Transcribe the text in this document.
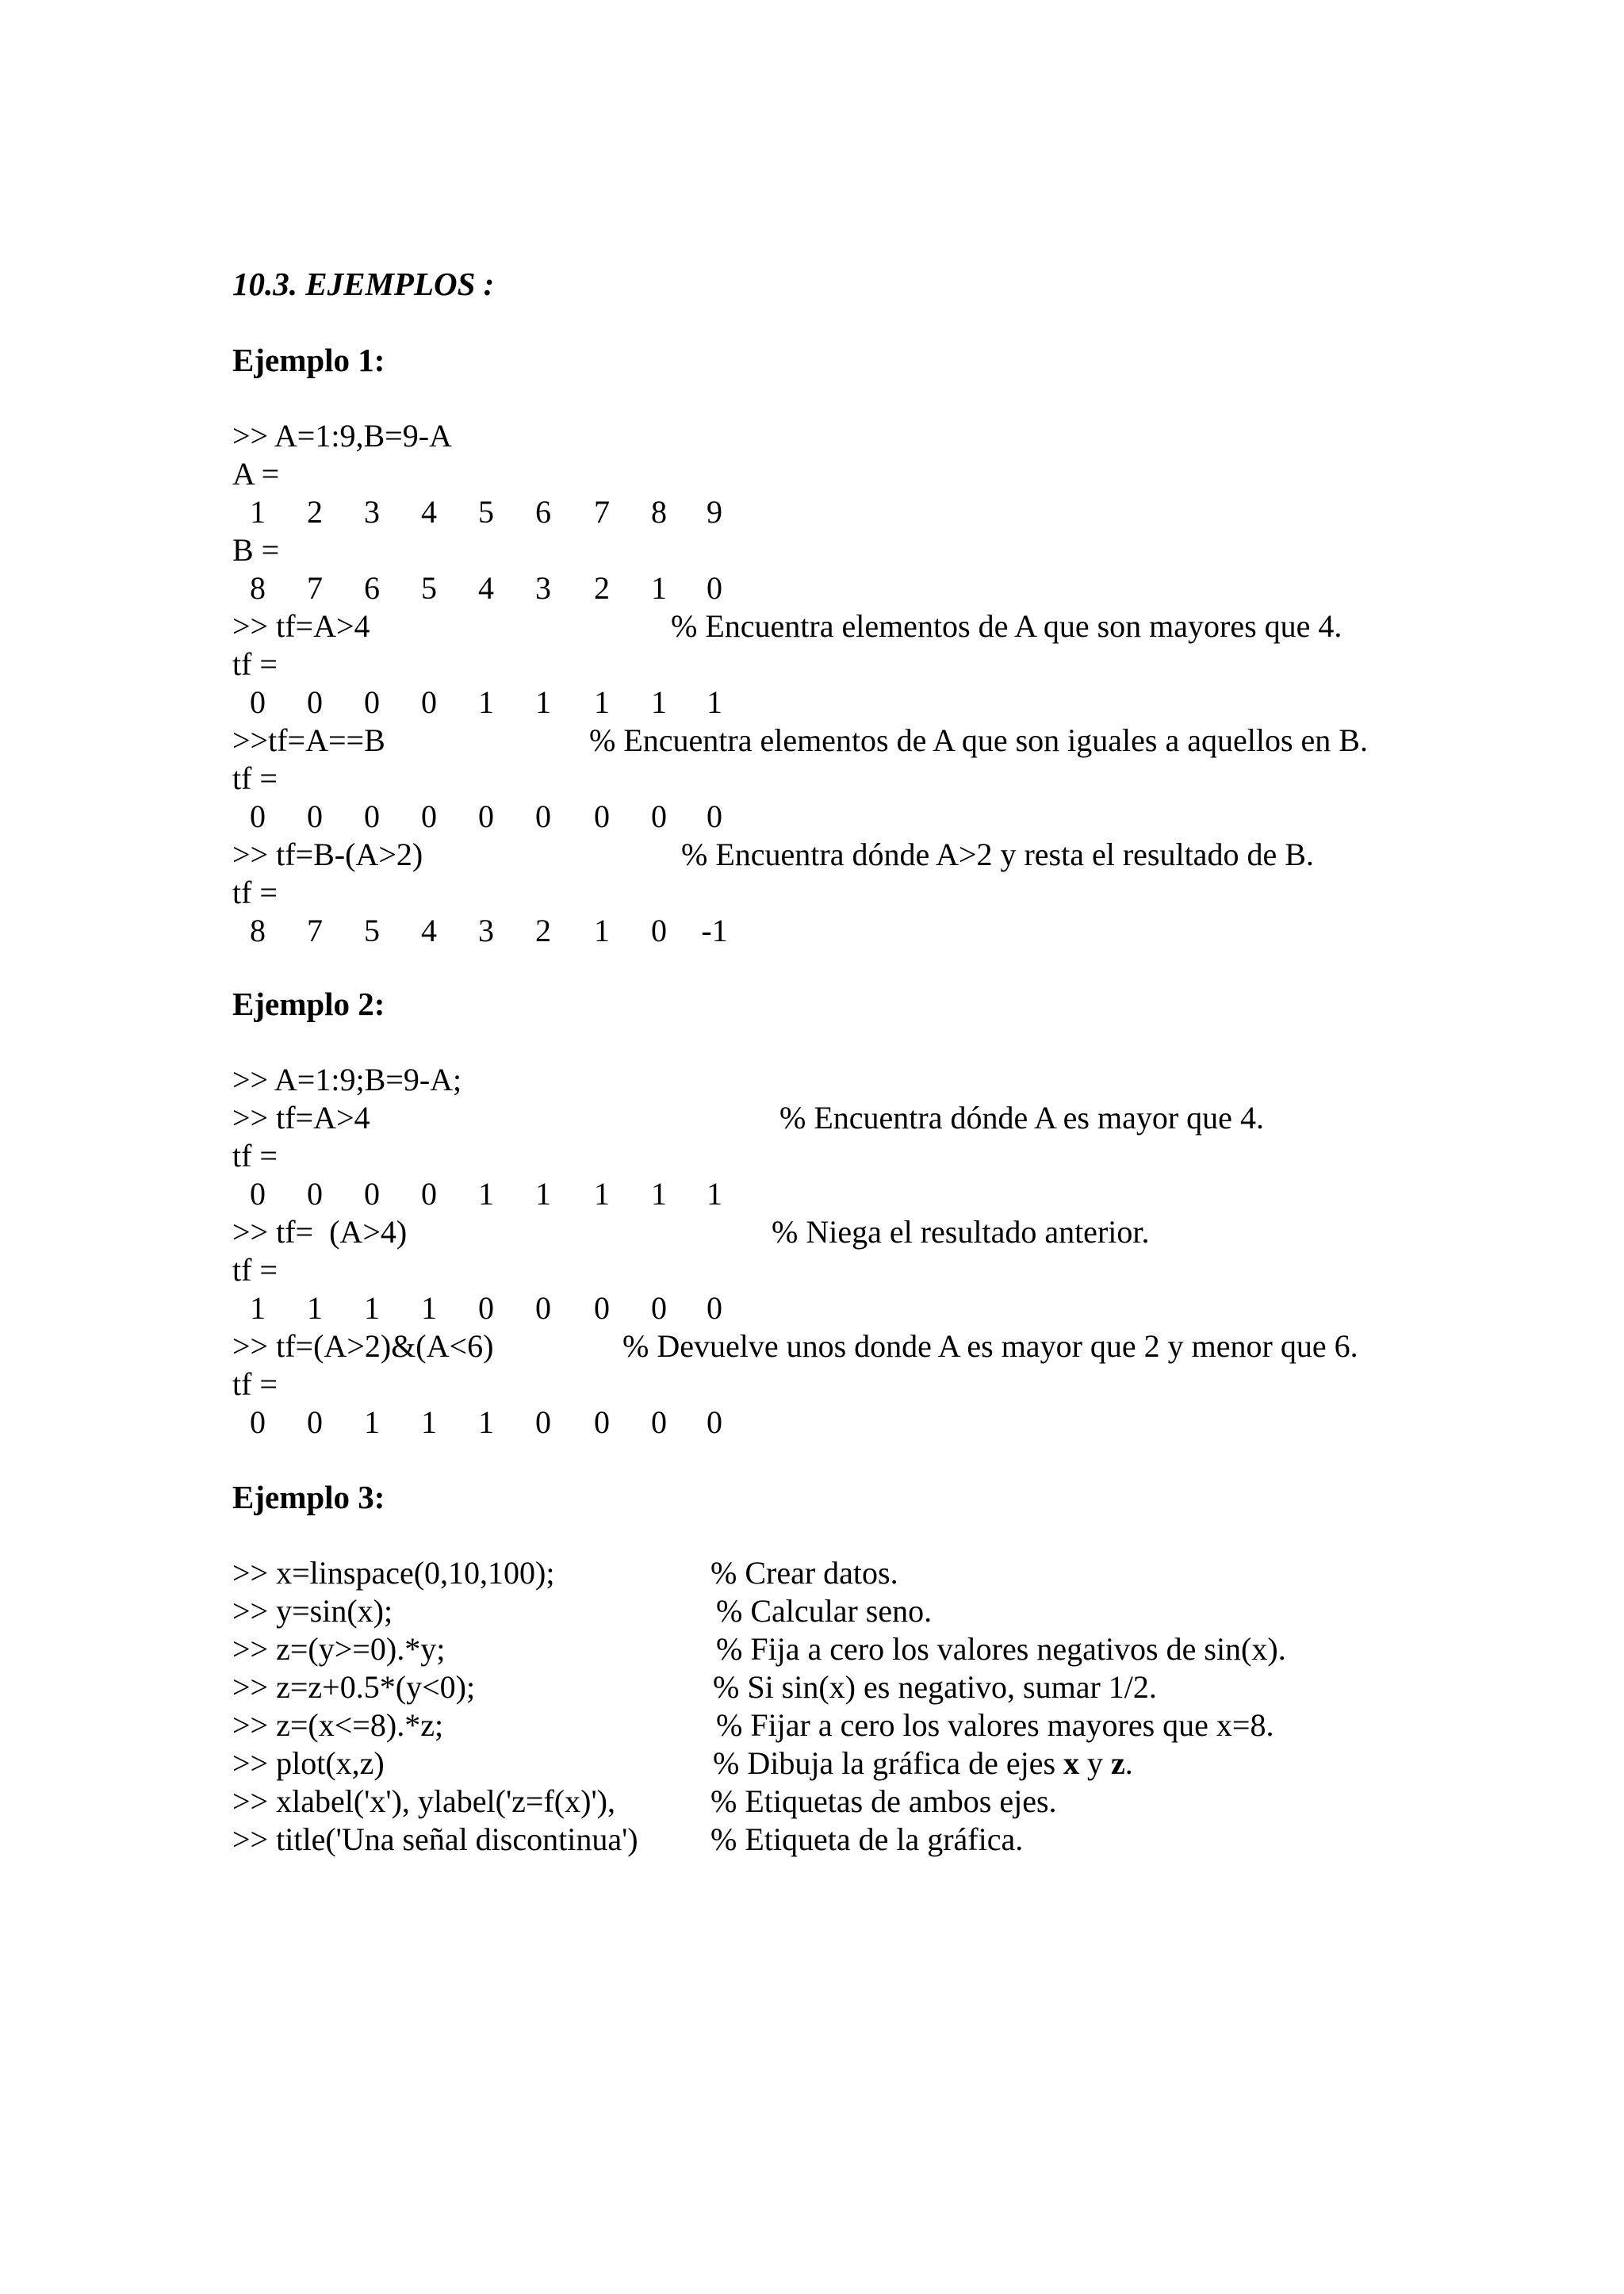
10.3. EJEMPLOS :
Ejemplo 1:
>> A=1:9,B=9-A
A =
1 2 3 4 5 6 7 8 9
B =
8 7 6 5 4 3 2 1 0
>> tf=A>4	% Encuentra elementos de A que son mayores que 4.
tf =
0 0 0 0 1 1 1 1 1
>>tf=A==B	% Encuentra elementos de A que son iguales a aquellos en B.
tf =
0 0 0 0 0 0 0 0 0
>> tf=B-(A>2)	% Encuentra dónde A>2 y resta el resultado de B.
tf =
8 7 5 4 3 2 1 0 -1
Ejemplo 2:
>> A=1:9;B=9-A;
>> tf=A>4	% Encuentra dónde A es mayor que 4.
tf =
0 0 0 0 1 1 1 1 1
>> tf=  (A>4)	% Niega el resultado anterior.
tf =
1 1 1 1 0 0 0 0 0
>> tf=(A>2)&(A<6)	% Devuelve unos donde A es mayor que 2 y menor que 6.
tf =
0 0 1 1 1 0 0 0 0
Ejemplo 3:
>> x=linspace(0,10,100);	% Crear datos.
>> y=sin(x);	% Calcular seno.
>> z=(y>=0).*y;	% Fija a cero los valores negativos de sin(x).
>> z=z+0.5*(y<0);	% Si sin(x) es negativo, sumar 1/2.
>> z=(x<=8).*z;	% Fijar a cero los valores mayores que x=8.
>> plot(x,z)	% Dibuja la gráfica de ejes x y z.
>> xlabel('x'), ylabel('z=f(x)'),	% Etiquetas de ambos ejes.
>> title('Una señal discontinua') % Etiqueta de la gráfica.
